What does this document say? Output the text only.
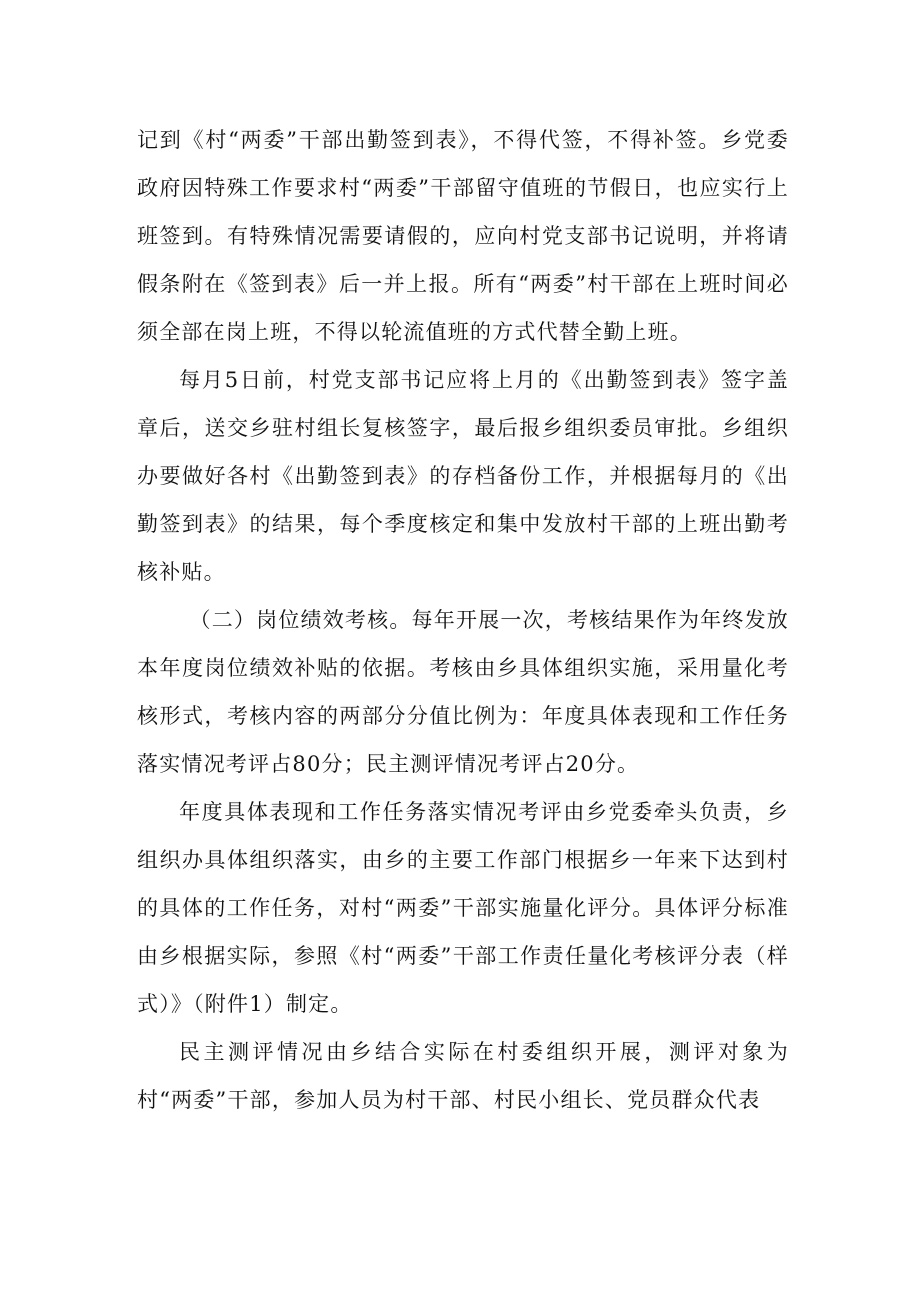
记到《村“两委”干部出勤签到表》，不得代签，不得补签。乡党委政府因特殊工作要求村“两委”干部留守值班的节假日，也应实行上班签到。有特殊情况需要请假的，应向村党支部书记说明，并将请假条附在《签到表》后一并上报。所有“两委”村干部在上班时间必须全部在岗上班，不得以轮流值班的方式代替全勤上班。

每月5日前，村党支部书记应将上月的《出勤签到表》签字盖章后，送交乡驻村组长复核签字，最后报乡组织委员审批。乡组织办要做好各村《出勤签到表》的存档备份工作，并根据每月的《出勤签到表》的结果，每个季度核定和集中发放村干部的上班出勤考核补贴。

（二）岗位绩效考核。每年开展一次，考核结果作为年终发放本年度岗位绩效补贴的依据。考核由乡具体组织实施，采用量化考核形式，考核内容的两部分分值比例为：年度具体表现和工作任务落实情况考评占80分；民主测评情况考评占20分。

年度具体表现和工作任务落实情况考评由乡党委牵头负责，乡组织办具体组织落实，由乡的主要工作部门根据乡一年来下达到村的具体的工作任务，对村“两委”干部实施量化评分。具体评分标准由乡根据实际，参照《村“两委”干部工作责任量化考核评分表（样式）》（附件1）制定。

民主测评情况由乡结合实际在村委组织开展，测评对象为村“两委”干部，参加人员为村干部、村民小组长、党员群众代表
